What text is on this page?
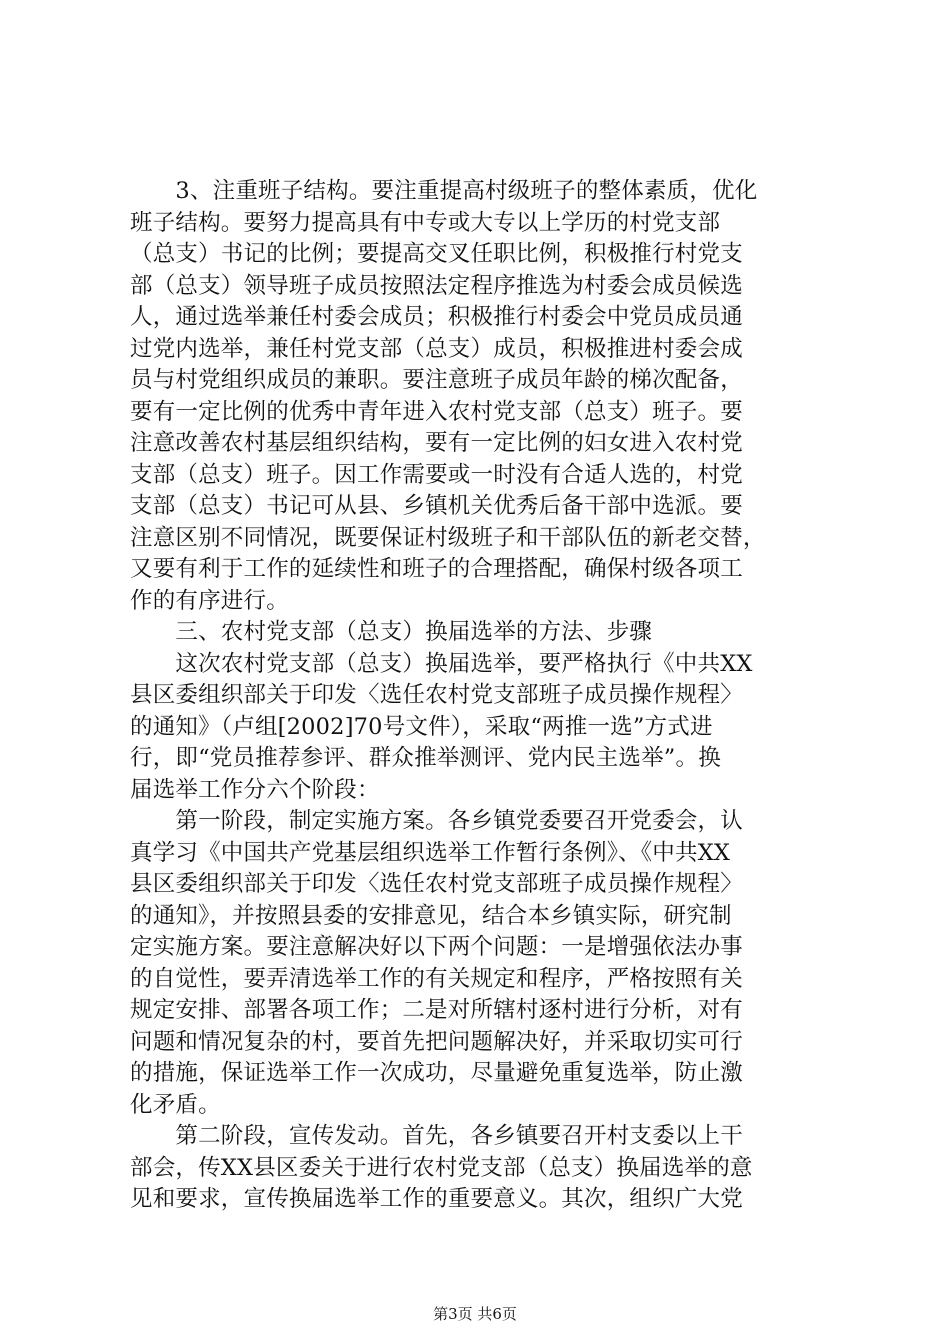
　　3、注重班子结构。要注重提高村级班子的整体素质，优化
班子结构。要努力提高具有中专或大专以上学历的村党支部
（总支）书记的比例；要提高交叉任职比例，积极推行村党支
部（总支）领导班子成员按照法定程序推选为村委会成员候选
人，通过选举兼任村委会成员；积极推行村委会中党员成员通
过党内选举，兼任村党支部（总支）成员，积极推进村委会成
员与村党组织成员的兼职。要注意班子成员年龄的梯次配备，
要有一定比例的优秀中青年进入农村党支部（总支）班子。要
注意改善农村基层组织结构，要有一定比例的妇女进入农村党
支部（总支）班子。因工作需要或一时没有合适人选的，村党
支部（总支）书记可从县、乡镇机关优秀后备干部中选派。要
注意区别不同情况，既要保证村级班子和干部队伍的新老交替，
又要有利于工作的延续性和班子的合理搭配，确保村级各项工
作的有序进行。
　　三、农村党支部（总支）换届选举的方法、步骤
　　这次农村党支部（总支）换届选举，要严格执行《中共XX
县区委组织部关于印发〈选任农村党支部班子成员操作规程〉
的通知》（卢组[2002]70号文件），采取“两推一选”方式进
行，即“党员推荐参评、群众推举测评、党内民主选举”。换
届选举工作分六个阶段：
　　第一阶段，制定实施方案。各乡镇党委要召开党委会，认
真学习《中国共产党基层组织选举工作暂行条例》、《中共XX
县区委组织部关于印发〈选任农村党支部班子成员操作规程〉
的通知》，并按照县委的安排意见，结合本乡镇实际，研究制
定实施方案。要注意解决好以下两个问题：一是增强依法办事
的自觉性，要弄清选举工作的有关规定和程序，严格按照有关
规定安排、部署各项工作；二是对所辖村逐村进行分析，对有
问题和情况复杂的村，要首先把问题解决好，并采取切实可行
的措施，保证选举工作一次成功，尽量避免重复选举，防止激
化矛盾。
　　第二阶段，宣传发动。首先，各乡镇要召开村支委以上干
部会，传XX县区委关于进行农村党支部（总支）换届选举的意
见和要求，宣传换届选举工作的重要意义。其次，组织广大党
第3页 共6页
